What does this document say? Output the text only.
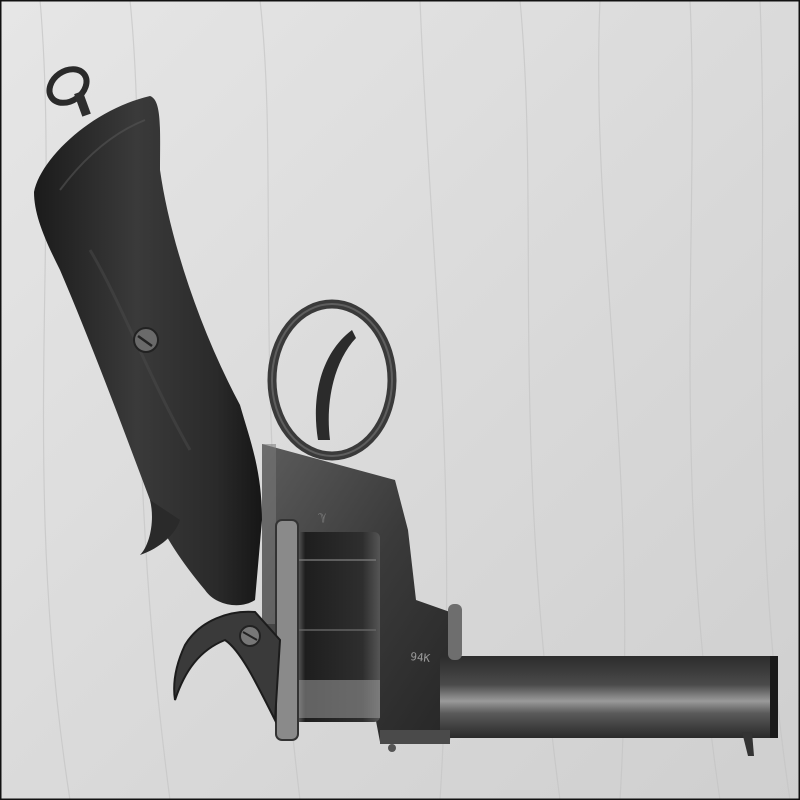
94K
ℽ
